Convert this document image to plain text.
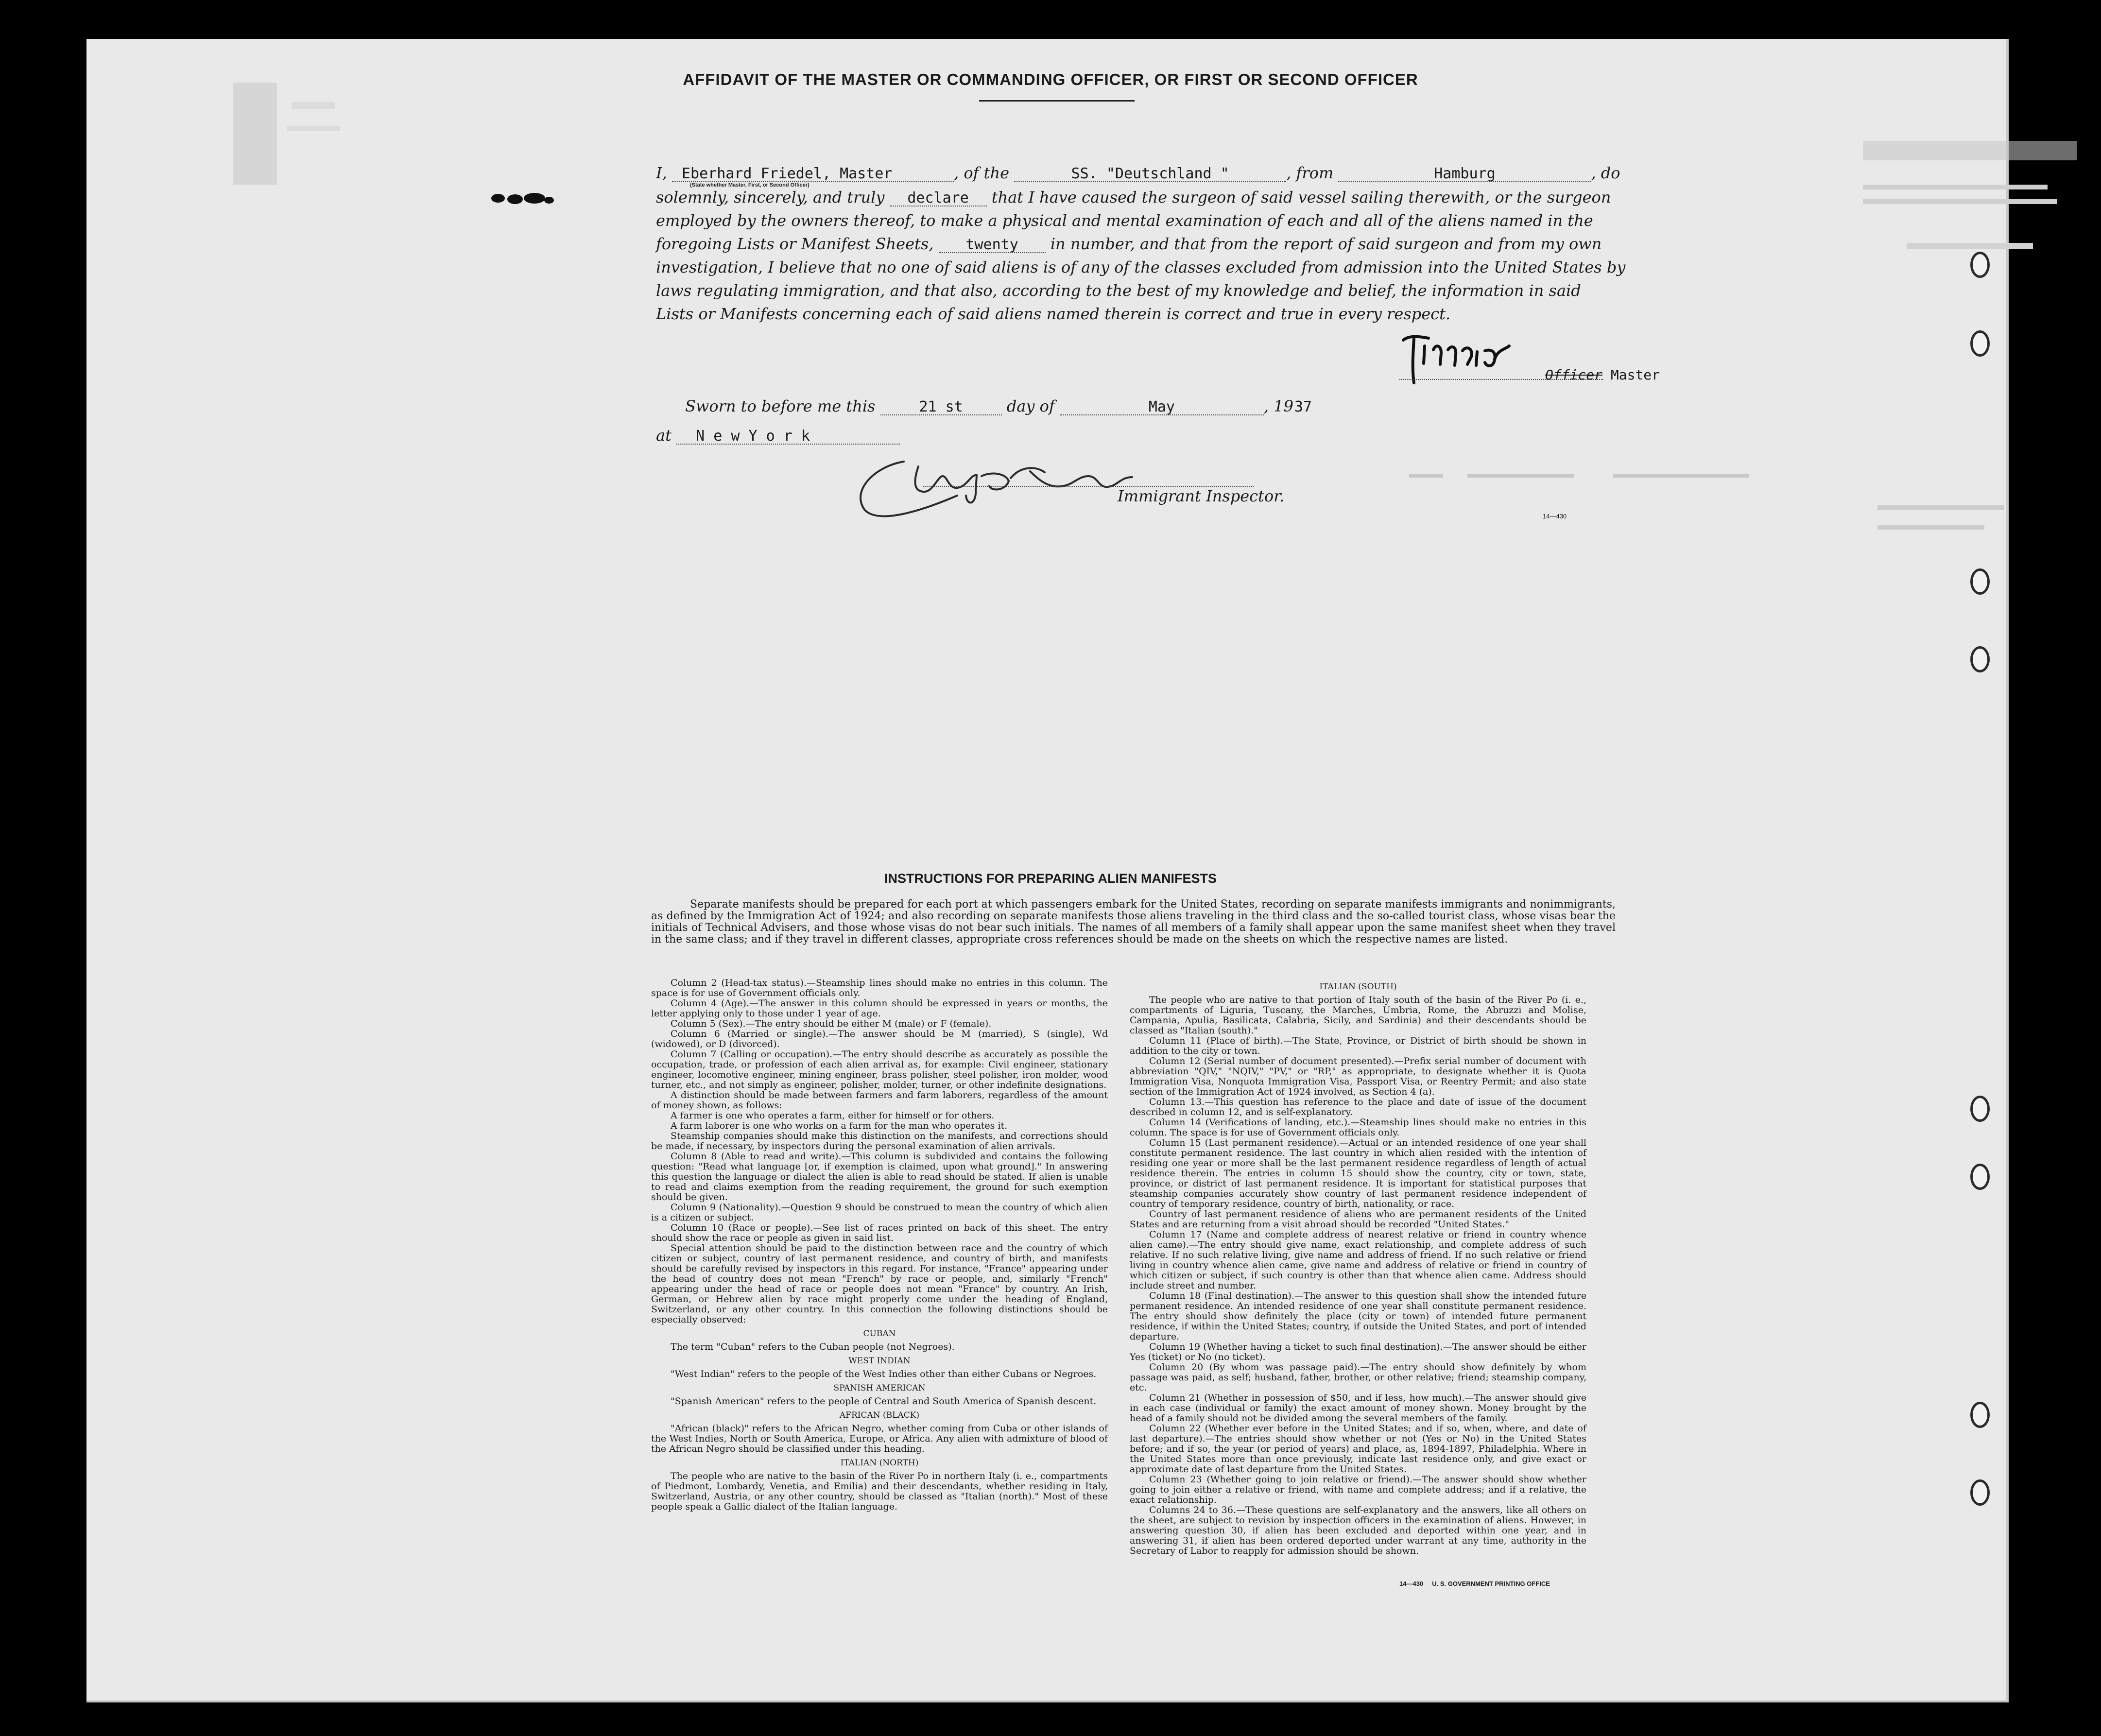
AFFIDAVIT OF THE MASTER OR COMMANDING OFFICER, OR FIRST OR SECOND OFFICER
I, Eberhard Friedel, Master	, of the	SS. "Deutschland "	, from	Hamburg	, do
(State whether Master, First, or Second Officer)
solemnly, sincerely, and truly declare that I have caused the surgeon of said vessel sailing therewith, or the surgeon
employed by the owners thereof, to make a physical and mental examination of each and all of the aliens named in the
foregoing Lists or Manifest Sheets, twenty in number, and that from the report of said surgeon and from my own
investigation, I believe that no one of said aliens is of any of the classes excluded from admission into the United States by
laws regulating immigration, and that also, according to the best of my knowledge and belief, the information in said
Lists or Manifests concerning each of said aliens named therein is correct and true in every respect.
Officer Master
Sworn to before me this	21 st	day of	May	, 1937
at N e w Y o r k
Immigrant Inspector.
14—430
INSTRUCTIONS FOR PREPARING ALIEN MANIFESTS
Separate manifests should be prepared for each port at which passengers embark for the United States, recording on separate manifests immigrants and nonimmigrants, as defined by the Immigration Act of 1924; and also recording on separate manifests those aliens traveling in the third class and the so-called tourist class, whose visas bear the initials of Technical Advisers, and those whose visas do not bear such initials. The names of all members of a family shall appear upon the same manifest sheet when they travel in the same class; and if they travel in different classes, appropriate cross references should be made on the sheets on which the respective names are listed.

Column 2 (Head-tax status).—Steamship lines should make no entries in this column. The space is for use of Government officials only.

Column 4 (Age).—The answer in this column should be expressed in years or months, the letter applying only to those under 1 year of age.

Column 5 (Sex).—The entry should be either M (male) or F (female).

Column 6 (Married or single).—The answer should be M (married), S (single), Wd (widowed), or D (divorced).

Column 7 (Calling or occupation).—The entry should describe as accurately as possible the occupation, trade, or profession of each alien arrival as, for example: Civil engineer, stationary engineer, locomotive engineer, mining engineer, brass polisher, steel polisher, iron molder, wood turner, etc., and not simply as engineer, polisher, molder, turner, or other indefinite designations.

A distinction should be made between farmers and farm laborers, regardless of the amount of money shown, as follows:

A farmer is one who operates a farm, either for himself or for others.

A farm laborer is one who works on a farm for the man who operates it.

Steamship companies should make this distinction on the manifests, and corrections should be made, if necessary, by inspectors during the personal examination of alien arrivals.

Column 8 (Able to read and write).—This column is subdivided and contains the following question: "Read what language [or, if exemption is claimed, upon what ground]." In answering this question the language or dialect the alien is able to read should be stated. If alien is unable to read and claims exemption from the reading requirement, the ground for such exemption should be given.

Column 9 (Nationality).—Question 9 should be construed to mean the country of which alien is a citizen or subject.

Column 10 (Race or people).—See list of races printed on back of this sheet. The entry should show the race or people as given in said list.

Special attention should be paid to the distinction between race and the country of which citizen or subject, country of last permanent residence, and country of birth, and manifests should be carefully revised by inspectors in this regard. For instance, "France" appearing under the head of country does not mean "French" by race or people, and, similarly "French" appearing under the head of race or people does not mean "France" by country. An Irish, German, or Hebrew alien by race might properly come under the heading of England, Switzerland, or any other country. In this connection the following distinctions should be especially observed:

CUBAN

The term "Cuban" refers to the Cuban people (not Negroes).

WEST INDIAN

"West Indian" refers to the people of the West Indies other than either Cubans or Negroes.

SPANISH AMERICAN

"Spanish American" refers to the people of Central and South America of Spanish descent.

AFRICAN (BLACK)

"African (black)" refers to the African Negro, whether coming from Cuba or other islands of the West Indies, North or South America, Europe, or Africa. Any alien with admixture of blood of the African Negro should be classified under this heading.

ITALIAN (NORTH)

The people who are native to the basin of the River Po in northern Italy (i. e., compartments of Piedmont, Lombardy, Venetia, and Emilia) and their descendants, whether residing in Italy, Switzerland, Austria, or any other country, should be classed as "Italian (north)." Most of these people speak a Gallic dialect of the Italian language.

ITALIAN (SOUTH)

The people who are native to that portion of Italy south of the basin of the River Po (i. e., compartments of Liguria, Tuscany, the Marches, Umbria, Rome, the Abruzzi and Molise, Campania, Apulia, Basilicata, Calabria, Sicily, and Sardinia) and their descendants should be classed as "Italian (south)."

Column 11 (Place of birth).—The State, Province, or District of birth should be shown in addition to the city or town.

Column 12 (Serial number of document presented).—Prefix serial number of document with abbreviation "QIV," "NQIV," "PV," or "RP," as appropriate, to designate whether it is Quota Immigration Visa, Nonquota Immigration Visa, Passport Visa, or Reentry Permit; and also state section of the Immigration Act of 1924 involved, as Section 4 (a).

Column 13.—This question has reference to the place and date of issue of the document described in column 12, and is self-explanatory.

Column 14 (Verifications of landing, etc.).—Steamship lines should make no entries in this column. The space is for use of Government officials only.

Column 15 (Last permanent residence).—Actual or an intended residence of one year shall constitute permanent residence. The last country in which alien resided with the intention of residing one year or more shall be the last permanent residence regardless of length of actual residence therein. The entries in column 15 should show the country, city or town, state, province, or district of last permanent residence. It is important for statistical purposes that steamship companies accurately show country of last permanent residence independent of country of temporary residence, country of birth, nationality, or race.

Country of last permanent residence of aliens who are permanent residents of the United States and are returning from a visit abroad should be recorded "United States."

Column 17 (Name and complete address of nearest relative or friend in country whence alien came).—The entry should give name, exact relationship, and complete address of such relative. If no such relative living, give name and address of friend. If no such relative or friend living in country whence alien came, give name and address of relative or friend in country of which citizen or subject, if such country is other than that whence alien came. Address should include street and number.

Column 18 (Final destination).—The answer to this question shall show the intended future permanent residence. An intended residence of one year shall constitute permanent residence. The entry should show definitely the place (city or town) of intended future permanent residence, if within the United States; country, if outside the United States, and port of intended departure.

Column 19 (Whether having a ticket to such final destination).—The answer should be either Yes (ticket) or No (no ticket).

Column 20 (By whom was passage paid).—The entry should show definitely by whom passage was paid, as self; husband, father, brother, or other relative; friend; steamship company, etc.

Column 21 (Whether in possession of $50, and if less, how much).—The answer should give in each case (individual or family) the exact amount of money shown. Money brought by the head of a family should not be divided among the several members of the family.

Column 22 (Whether ever before in the United States; and if so, when, where, and date of last departure).—The entries should show whether or not (Yes or No) in the United States before; and if so, the year (or period of years) and place, as, 1894-1897, Philadelphia. Where in the United States more than once previously, indicate last residence only, and give exact or approximate date of last departure from the United States.

Column 23 (Whether going to join relative or friend).—The answer should show whether going to join either a relative or friend, with name and complete address; and if a relative, the exact relationship.

Columns 24 to 36.—These questions are self-explanatory and the answers, like all others on the sheet, are subject to revision by inspection officers in the examination of aliens. However, in answering question 30, if alien has been excluded and deported within one year, and in answering 31, if alien has been ordered deported under warrant at any time, authority in the Secretary of Labor to reapply for admission should be shown.

14—430 U. S. GOVERNMENT PRINTING OFFICE
